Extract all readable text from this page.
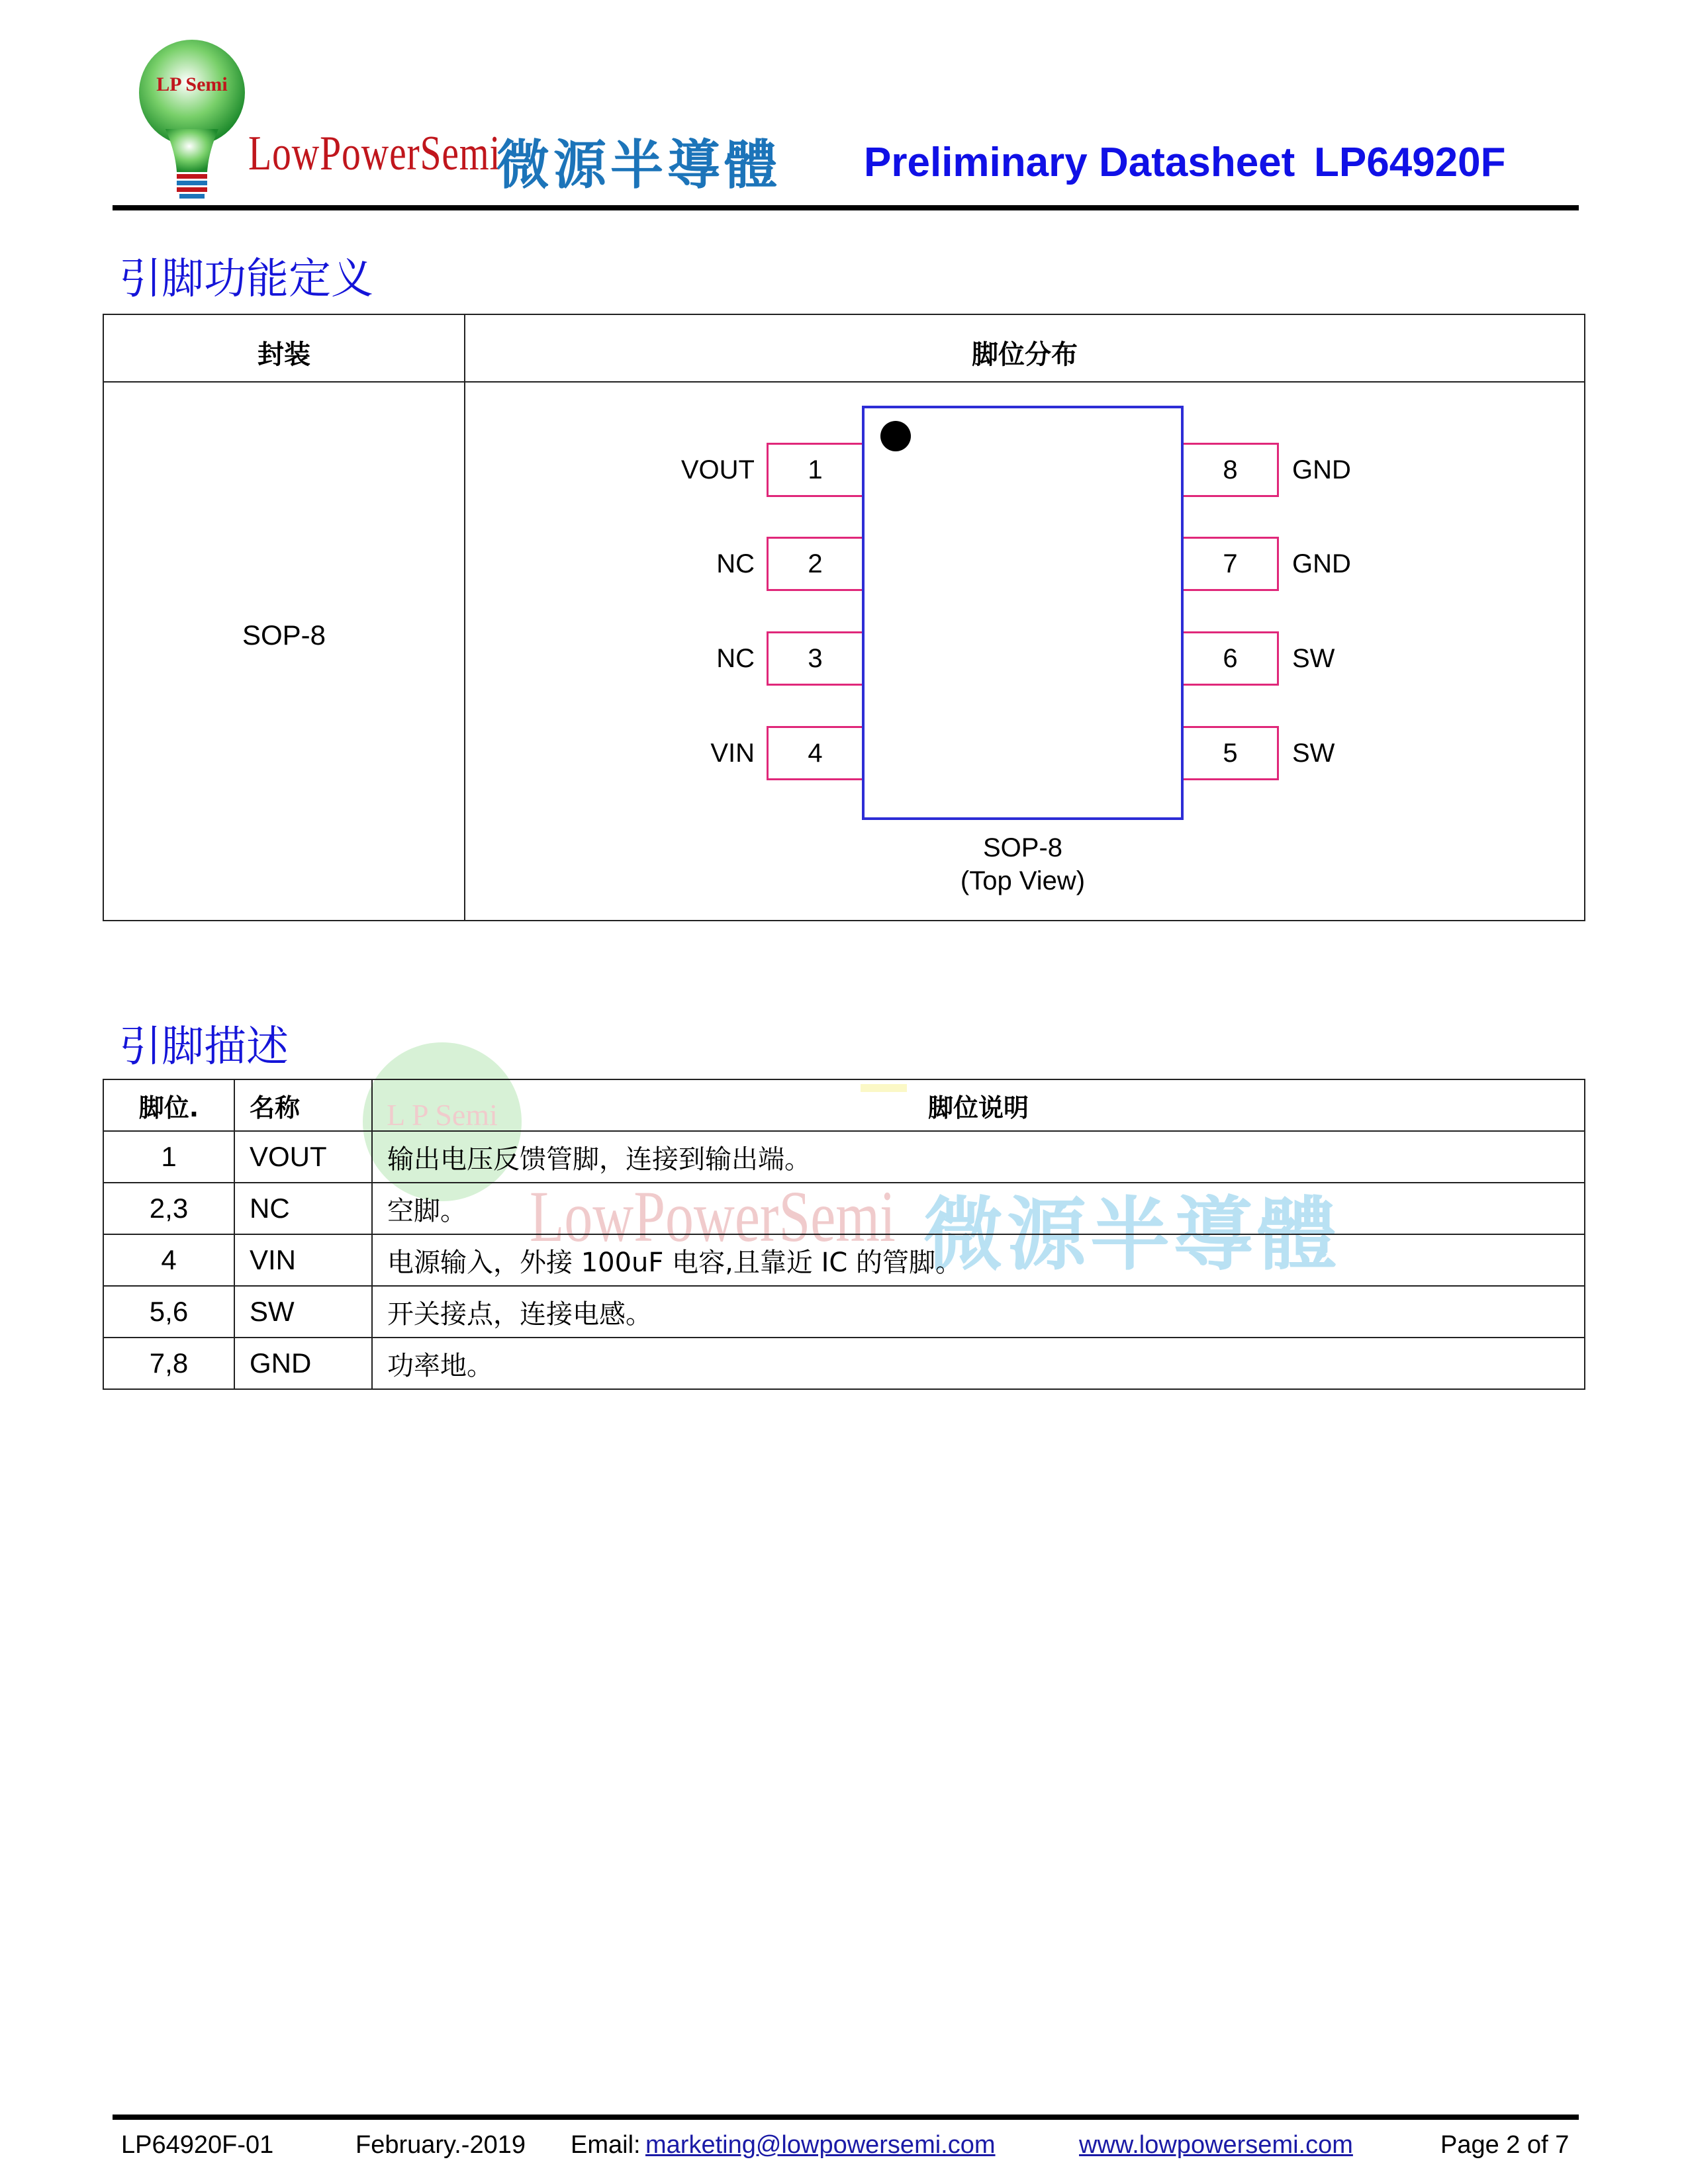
LP Semi
LowPowerSemi
微源半導體 Preliminary Datasheet LP64920F
引脚功能定义
封装	脚位分布
SOP-8
1
2
3
4
8
7
6
5
VOUT
NC
NC
VIN
GND
GND
SW
SW
SOP-8
(Top View)
引脚描述
L P Semi
LowPowerSemi 微源半導體
脚位.	名称	脚位说明
1	VOUT	输出电压反馈管脚，连接到输出端。
2,3	NC	空脚。
4	VIN	电源输入，外接 100uF 电容,且靠近 IC 的管脚。
5,6	SW	开关接点，连接电感。
7,8	GND	功率地。
LP64920F-01	February.-2019 Email: marketing@lowpowersemi.com	www.lowpowersemi.com	Page 2 of 7
